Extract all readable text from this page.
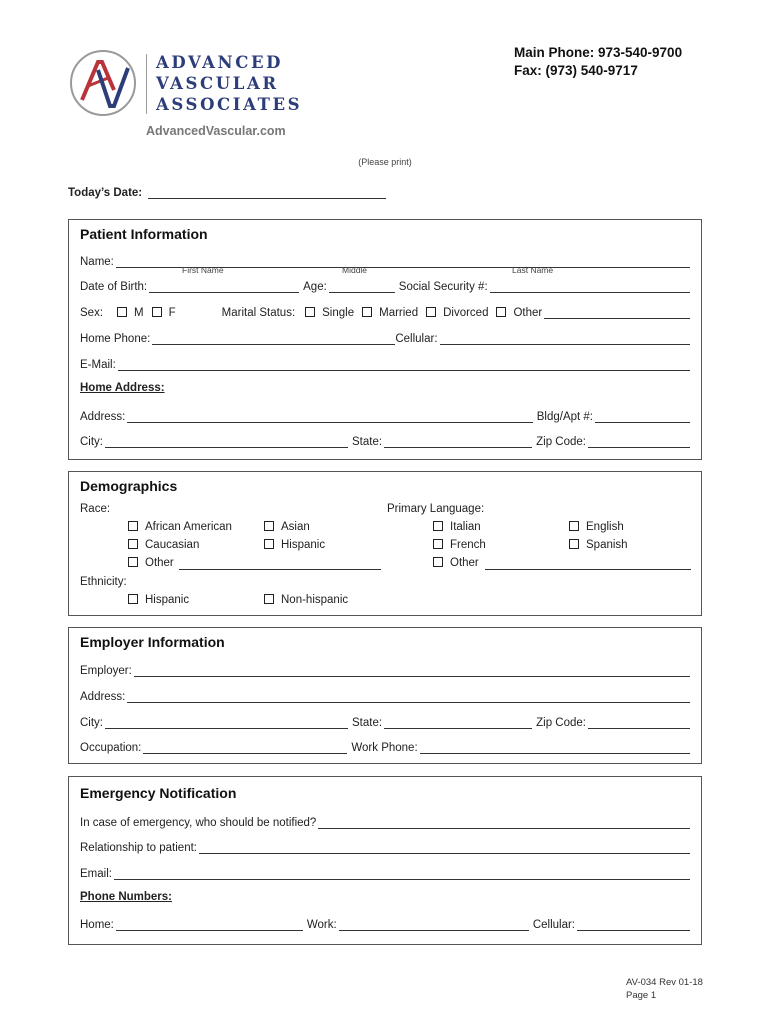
ADVANCED
VASCULAR
ASSOCIATES
AdvancedVascular.com
Main Phone: 973-540-9700
Fax: (973) 540-9717
(Please print)
Today’s Date:
Patient Information
Name:
First Name	Middle	Last Name
Date of Birth:	Age:	Social Security #:
Sex:	M	F	Marital Status:	Single	Married	Divorced	Other
Home Phone:	Cellular:
E-Mail:
Home Address:
Address:	Bldg/Apt #:
City:	State:	Zip Code:
Demographics
Race:	Primary Language:
African American	Asian	Italian	English
Caucasian	Hispanic	French	Spanish
Other	Other
Ethnicity:
Hispanic	Non-hispanic
Employer Information
Employer:
Address:
City:	State:	Zip Code:
Occupation:	Work Phone:
Emergency Notification
In case of emergency, who should be notified?
Relationship to patient:
Email:
Phone Numbers:
Home:	Work:	Cellular:
AV-034 Rev 01-18
Page 1
